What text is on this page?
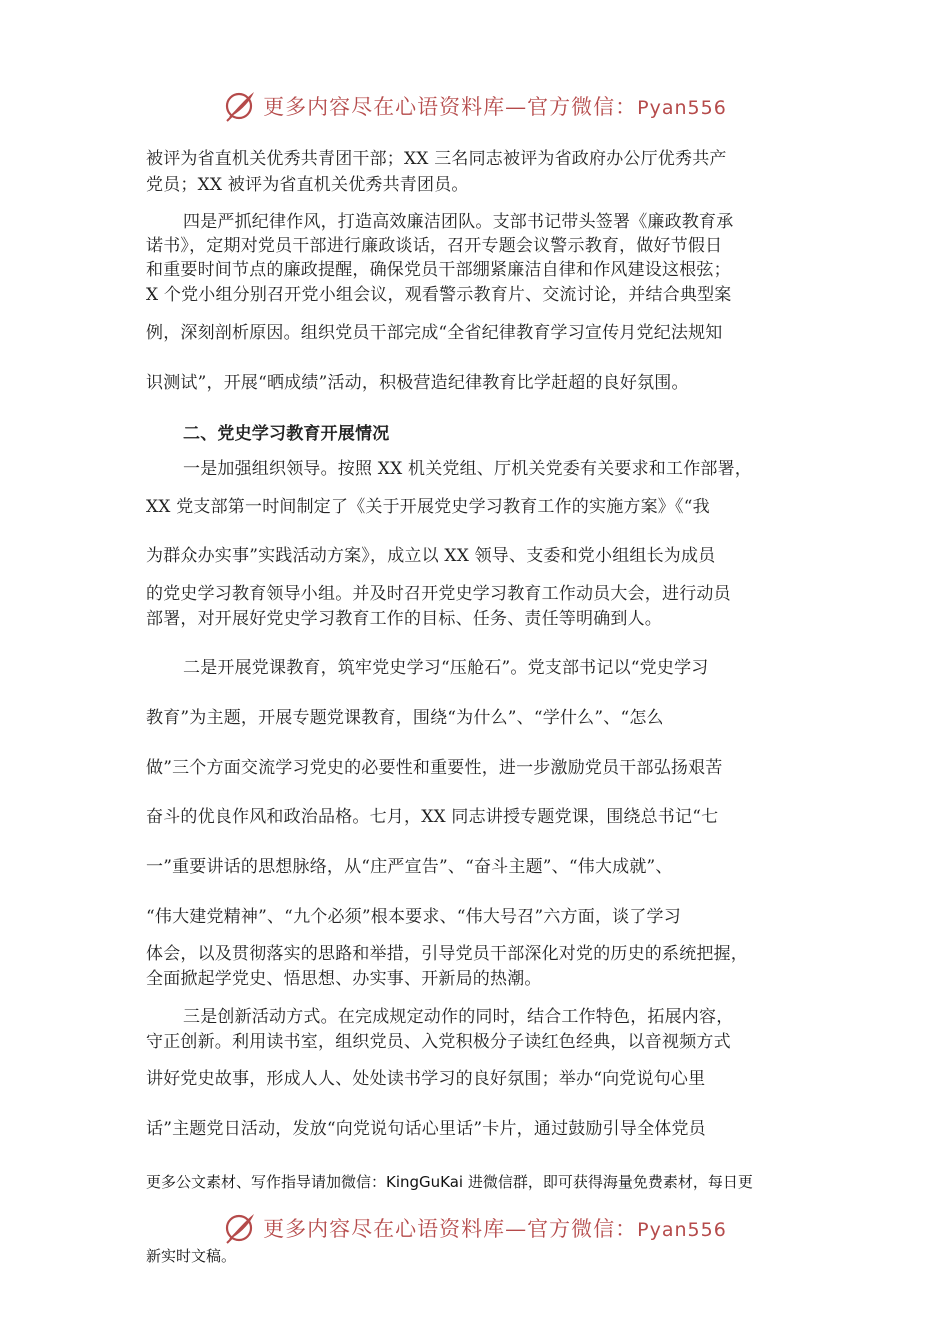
更多内容尽在心语资料库—官方微信：Pyan556
被评为省直机关优秀共青团干部；XX 三名同志被评为省政府办公厅优秀共产
党员；XX 被评为省直机关优秀共青团员。
四是严抓纪律作风，打造高效廉洁团队。支部书记带头签署《廉政教育承
诺书》，定期对党员干部进行廉政谈话，召开专题会议警示教育，做好节假日
和重要时间节点的廉政提醒，确保党员干部绷紧廉洁自律和作风建设这根弦；
X 个党小组分别召开党小组会议，观看警示教育片、交流讨论，并结合典型案
例，深刻剖析原因。组织党员干部完成“全省纪律教育学习宣传月党纪法规知
识测试”，开展“晒成绩”活动，积极营造纪律教育比学赶超的良好氛围。
二、党史学习教育开展情况
一是加强组织领导。按照 XX 机关党组、厅机关党委有关要求和工作部署，
XX 党支部第一时间制定了《关于开展党史学习教育工作的实施方案》《“我
为群众办实事”实践活动方案》，成立以 XX 领导、支委和党小组组长为成员
的党史学习教育领导小组。并及时召开党史学习教育工作动员大会，进行动员
部署，对开展好党史学习教育工作的目标、任务、责任等明确到人。
二是开展党课教育，筑牢党史学习“压舱石”。党支部书记以“党史学习
教育”为主题，开展专题党课教育，围绕“为什么”、“学什么”、“怎么
做”三个方面交流学习党史的必要性和重要性，进一步激励党员干部弘扬艰苦
奋斗的优良作风和政治品格。七月，XX 同志讲授专题党课，围绕总书记“七
一”重要讲话的思想脉络，从“庄严宣告”、“奋斗主题”、“伟大成就”、
“伟大建党精神”、“九个必须”根本要求、“伟大号召”六方面，谈了学习
体会，以及贯彻落实的思路和举措，引导党员干部深化对党的历史的系统把握，
全面掀起学党史、悟思想、办实事、开新局的热潮。
三是创新活动方式。在完成规定动作的同时，结合工作特色，拓展内容，
守正创新。利用读书室，组织党员、入党积极分子读红色经典，以音视频方式
讲好党史故事，形成人人、处处读书学习的良好氛围；举办“向党说句心里
话”主题党日活动，发放“向党说句话心里话”卡片，通过鼓励引导全体党员
更多公文素材、写作指导请加微信：KingGuKai 进微信群，即可获得海量免费素材，每日更
更多内容尽在心语资料库—官方微信：Pyan556
新实时文稿。
